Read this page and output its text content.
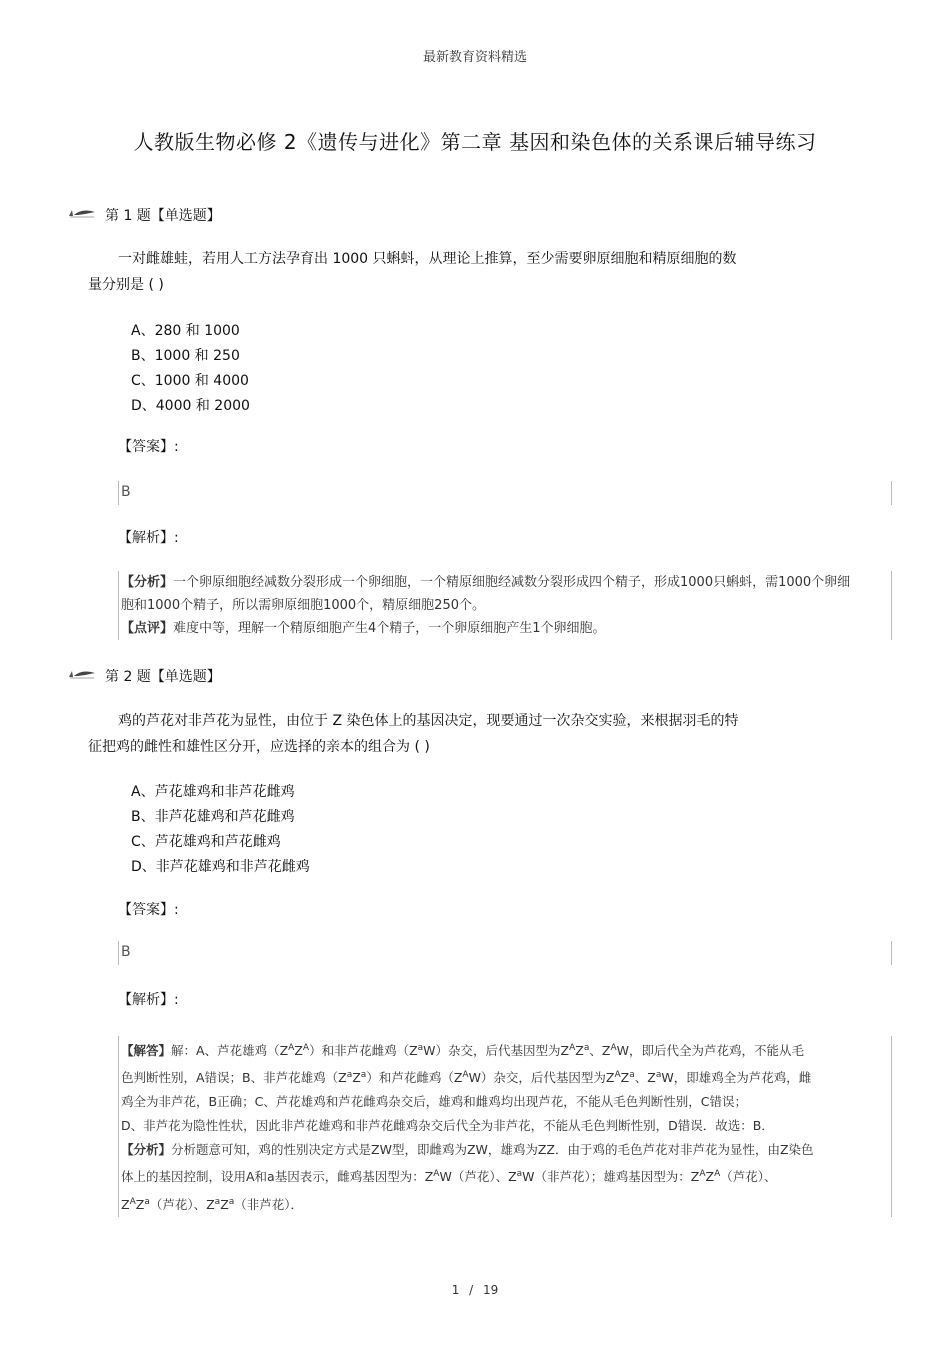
最新教育资料精选
人教版生物必修 2《遗传与进化》第二章 基因和染色体的关系课后辅导练习
第 1 题【单选题】
一对雌雄蛙，若用人工方法孕育出 1000 只蝌蚪，从理论上推算，至少需要卵原细胞和精原细胞的数
量分别是 ( )
A、280 和 1000
B、1000 和 250
C、1000 和 4000
D、4000 和 2000
【答案】:
B
【解析】:
【分析】一个卵原细胞经减数分裂形成一个卵细胞，一个精原细胞经减数分裂形成四个精子，形成1000只蝌蚪，需1000个卵细
胞和1000个精子，所以需卵原细胞1000个，精原细胞250个。
【点评】难度中等，理解一个精原细胞产生4个精子，一个卵原细胞产生1个卵细胞。
第 2 题【单选题】
鸡的芦花对非芦花为显性，由位于 Z 染色体上的基因决定，现要通过一次杂交实验，来根据羽毛的特
征把鸡的雌性和雄性区分开，应选择的亲本的组合为 ( )
A、芦花雄鸡和非芦花雌鸡
B、非芦花雄鸡和芦花雌鸡
C、芦花雄鸡和芦花雌鸡
D、非芦花雄鸡和非芦花雌鸡
【答案】:
B
【解析】:
【解答】解：A、芦花雄鸡$(Z^AZ^A)$和非芦花雌鸡$(Z^aW)$杂交，后代基因型为$Z^AZ^a$、$Z^AW$，即后代全为芦花鸡，不能从毛
色判断性别，A错误；B、非芦花雄鸡$(Z^aZ^a)$和芦花雌鸡$(Z^AW)$杂交，后代基因型为$Z^AZ^a$、$Z^aW$，即雄鸡全为芦花鸡，雌
鸡全为非芦花，B正确；C、芦花雄鸡和芦花雌鸡杂交后，雄鸡和雌鸡均出现芦花，不能从毛色判断性别，C错误；
D、非芦花为隐性性状，因此非芦花雄鸡和非芦花雌鸡杂交后代全为非芦花，不能从毛色判断性别，D错误．故选：B．
【分析】分析题意可知，鸡的性别决定方式是ZW型，即雌鸡为ZW，雄鸡为ZZ．由于鸡的毛色芦花对非芦花为显性，由Z染色
体上的基因控制，设用A和a基因表示，雌鸡基因型为：$Z^AW$（芦花）、$Z^aW$（非芦花）；雄鸡基因型为：$Z^AZ^A$（芦花）、
$Z^AZ^a$（芦花）、$Z^aZ^a$（非芦花）．
1 / 19
